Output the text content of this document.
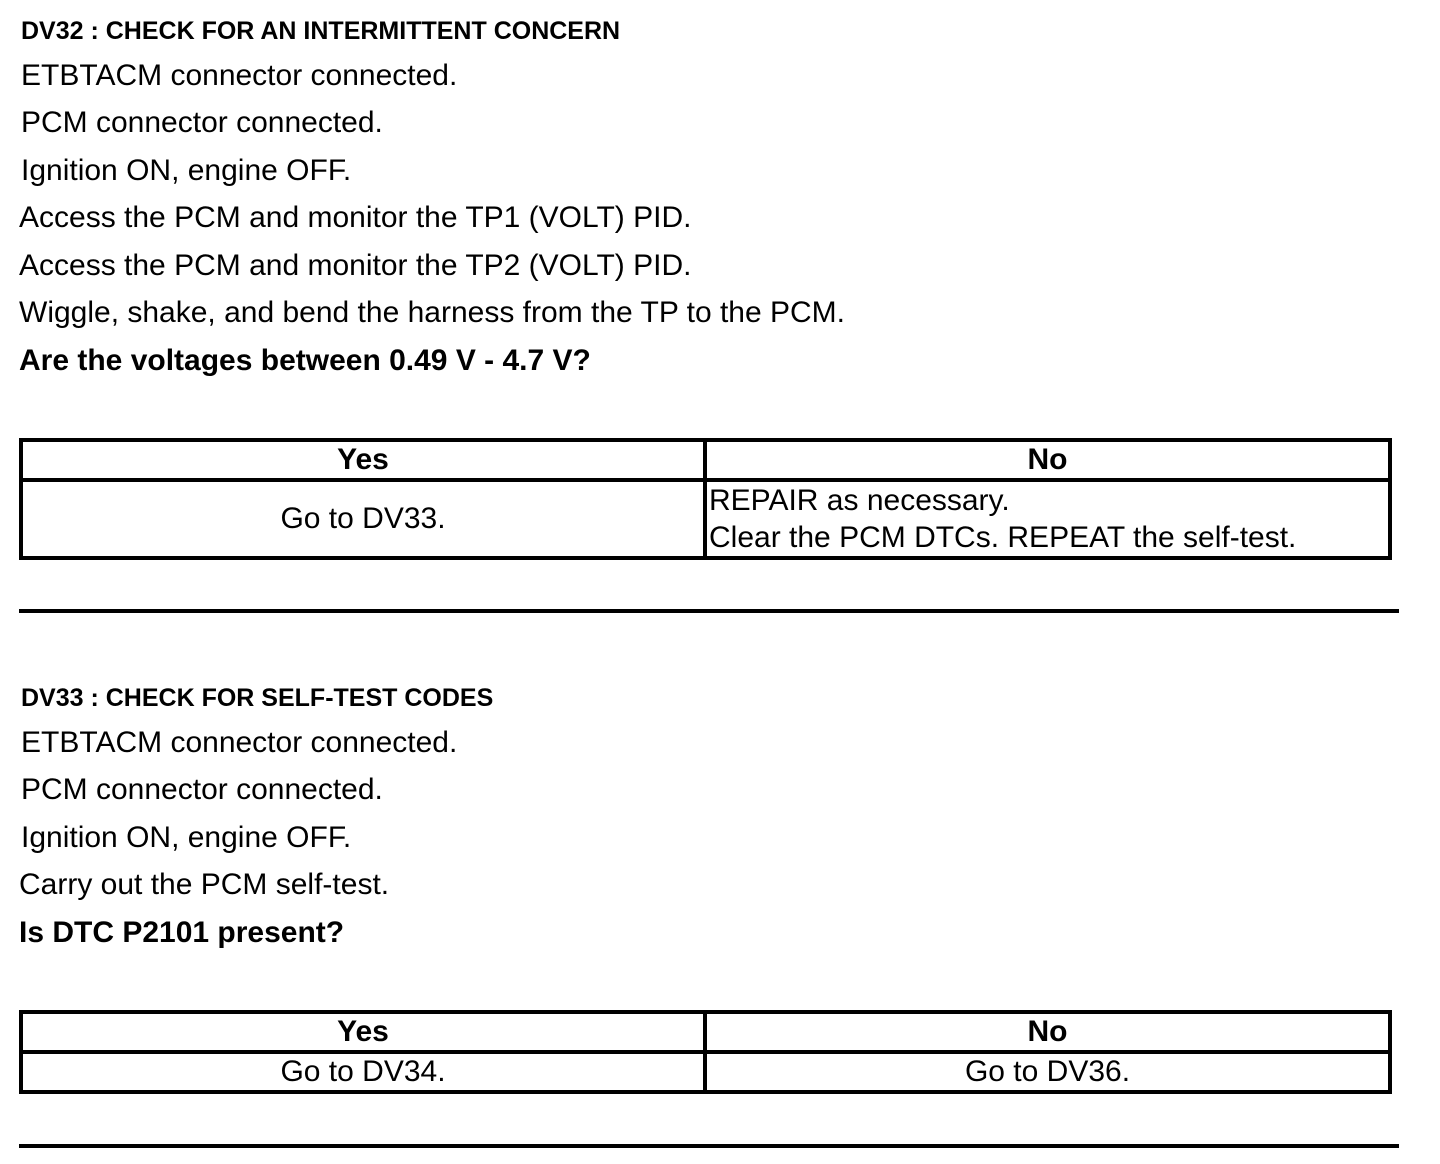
DV32 : CHECK FOR AN INTERMITTENT CONCERN
ETBTACM connector connected.
PCM connector connected.
Ignition ON, engine OFF.
Access the PCM and monitor the TP1 (VOLT) PID.
Access the PCM and monitor the TP2 (VOLT) PID.
Wiggle, shake, and bend the harness from the TP to the PCM.
Are the voltages between 0.49 V - 4.7 V?
Yes	No
Go to DV33.	REPAIR as necessary.
Clear the PCM DTCs. REPEAT the self-test.
DV33 : CHECK FOR SELF-TEST CODES
ETBTACM connector connected.
PCM connector connected.
Ignition ON, engine OFF.
Carry out the PCM self-test.
Is DTC P2101 present?
Yes	No
Go to DV34.	Go to DV36.
